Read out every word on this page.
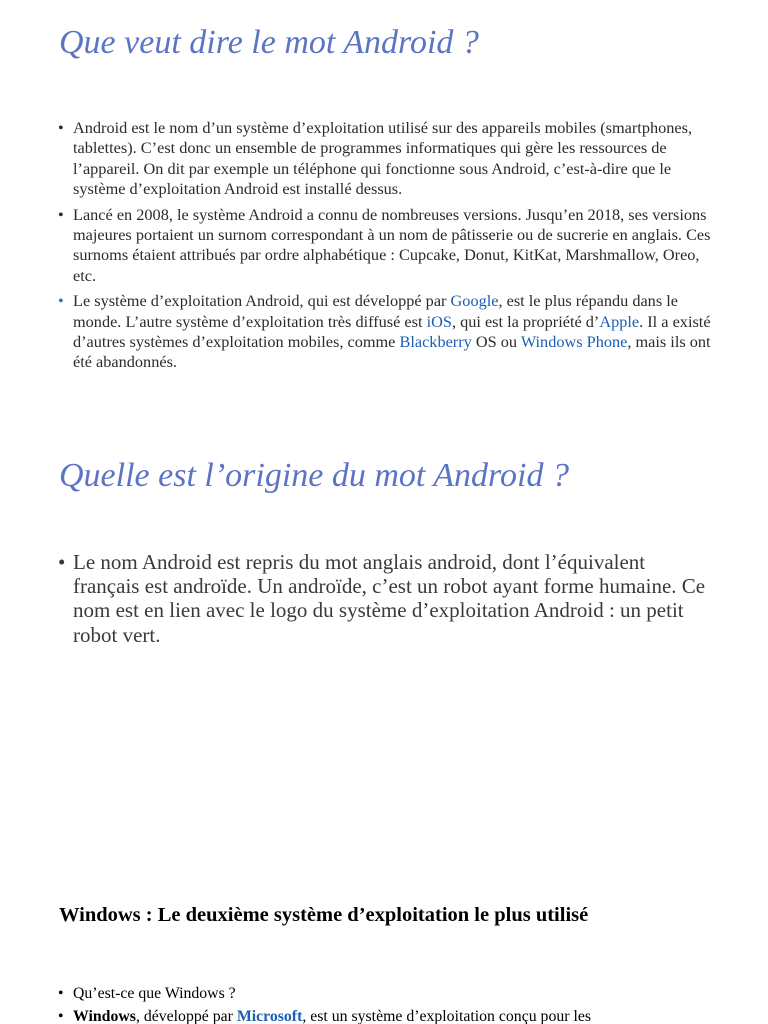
Que veut dire le mot Android ?
• Android est le nom d’un système d’exploitation utilisé sur des appareils mobiles (smartphones, tablettes). C’est donc un ensemble de programmes informatiques qui gère les ressources de l’appareil. On dit par exemple un téléphone qui fonctionne sous Android, c’est-à-dire que le système d’exploitation Android est installé dessus.
• Lancé en 2008, le système Android a connu de nombreuses versions. Jusqu’en 2018, ses versions majeures portaient un surnom correspondant à un nom de pâtisserie ou de sucrerie en anglais. Ces surnoms étaient attribués par ordre alphabétique : Cupcake, Donut, KitKat, Marshmallow, Oreo, etc.
• Le système d’exploitation Android, qui est développé par Google, est le plus répandu dans le monde. L’autre système d’exploitation très diffusé est iOS, qui est la propriété d’Apple. Il a existé d’autres systèmes d’exploitation mobiles, comme Blackberry OS ou Windows Phone, mais ils ont été abandonnés.
Quelle est l’origine du mot Android ?
• Le nom Android est repris du mot anglais android, dont l’équivalent français est androïde. Un androïde, c’est un robot ayant forme humaine. Ce nom est en lien avec le logo du système d’exploitation Android : un petit robot vert.
Windows : Le deuxième système d’exploitation le plus utilisé
• Qu’est-ce que Windows ?
• Windows, développé par Microsoft, est un système d’exploitation conçu pour les
